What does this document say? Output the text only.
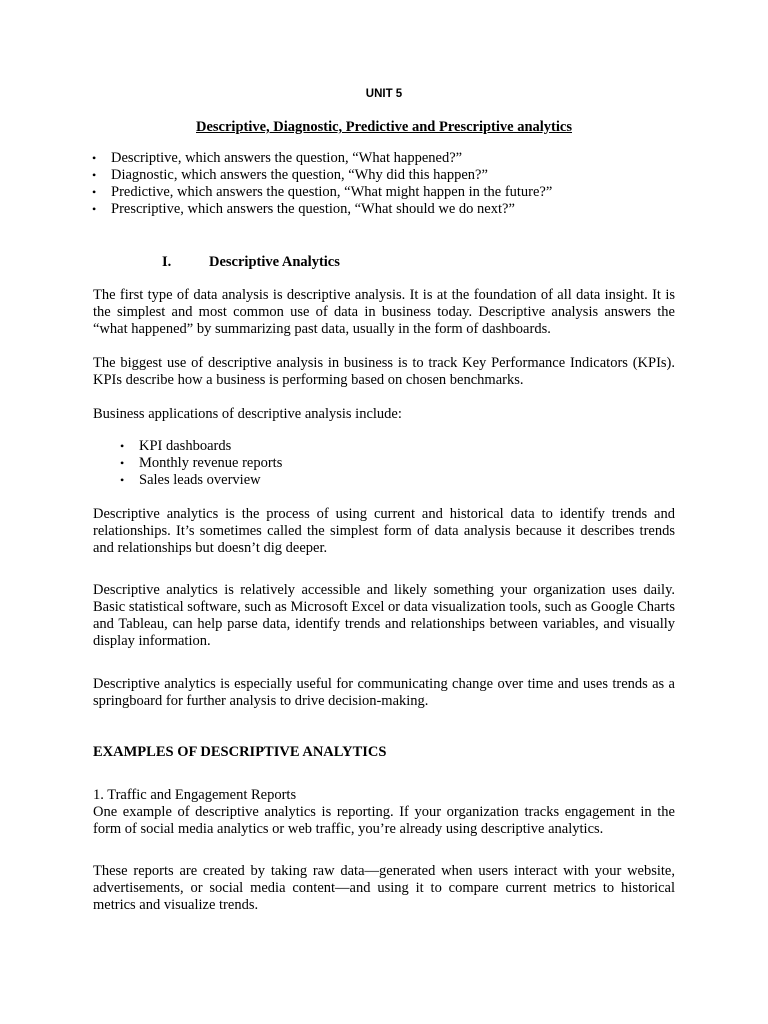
UNIT 5
Descriptive, Diagnostic, Predictive and Prescriptive analytics
• Descriptive, which answers the question, “What happened?”
• Diagnostic, which answers the question, “Why did this happen?”
• Predictive, which answers the question, “What might happen in the future?”
• Prescriptive, which answers the question, “What should we do next?”
I.	Descriptive Analytics

The first type of data analysis is descriptive analysis. It is at the foundation of all data insight. It is the simplest and most common use of data in business today. Descriptive analysis answers the “what happened” by summarizing past data, usually in the form of dashboards.

The biggest use of descriptive analysis in business is to track Key Performance Indicators (KPIs). KPIs describe how a business is performing based on chosen benchmarks.

Business applications of descriptive analysis include:

• KPI dashboards
• Monthly revenue reports
• Sales leads overview

Descriptive analytics is the process of using current and historical data to identify trends and relationships. It’s sometimes called the simplest form of data analysis because it describes trends and relationships but doesn’t dig deeper.

Descriptive analytics is relatively accessible and likely something your organization uses daily. Basic statistical software, such as Microsoft Excel or data visualization tools, such as Google Charts and Tableau, can help parse data, identify trends and relationships between variables, and visually display information.

Descriptive analytics is especially useful for communicating change over time and uses trends as a springboard for further analysis to drive decision-making.

EXAMPLES OF DESCRIPTIVE ANALYTICS

1. Traffic and Engagement Reports

One example of descriptive analytics is reporting. If your organization tracks engagement in the form of social media analytics or web traffic, you’re already using descriptive analytics.

These reports are created by taking raw data—generated when users interact with your website, advertisements, or social media content—and using it to compare current metrics to historical metrics and visualize trends.
